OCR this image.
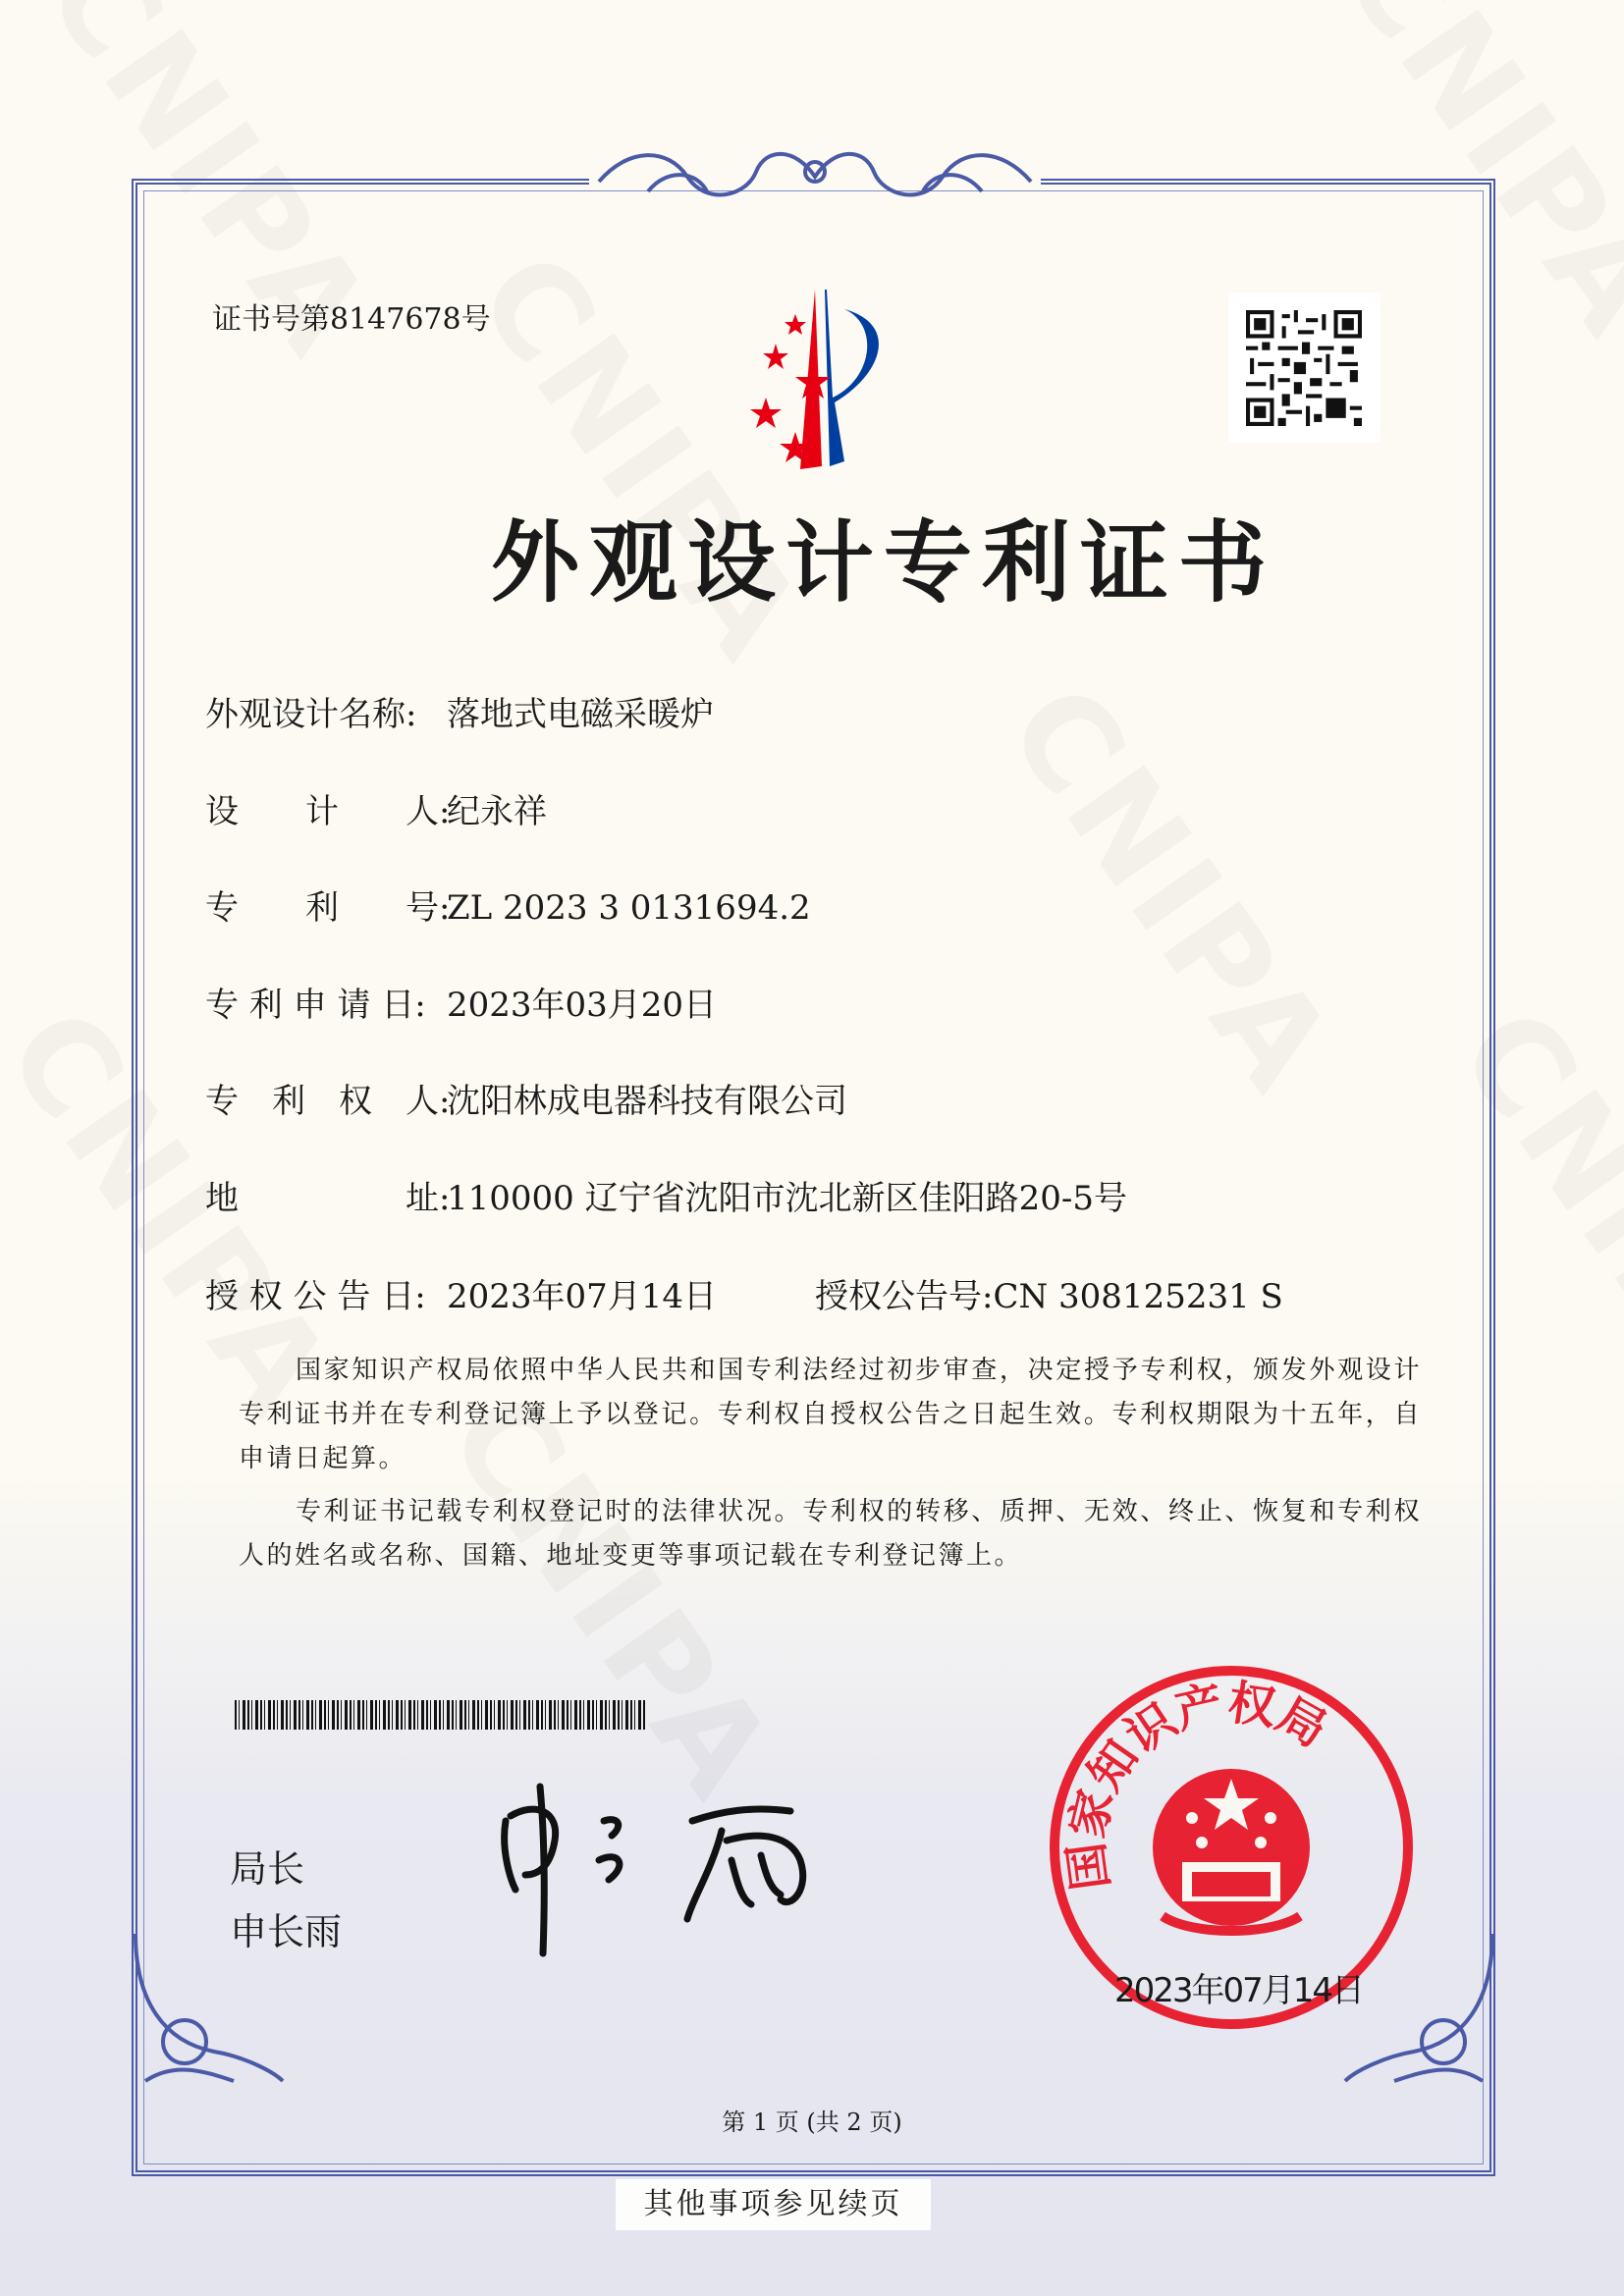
证书号第8147678号
外观设计专利证书
外观设计名称: 落地式电磁采暖炉
设　　计　　人:纪永祥
专　　利　　号:ZL 2023 3 0131694.2
专 利 申 请 日: 2023年03月20日
专　利　权　人:沈阳林成电器科技有限公司
地　　　　　址:110000 辽宁省沈阳市沈北新区佳阳路20-5号
授 权 公 告 日: 2023年07月14日	授权公告号:CN 308125231 S
国家知识产权局依照中华人民共和国专利法经过初步审查，决定授予专利权，颁发外观设计专利证书并在专利登记簿上予以登记。专利权自授权公告之日起生效。专利权期限为十五年，自申请日起算。
专利证书记载专利权登记时的法律状况。专利权的转移、质押、无效、终止、恢复和专利权人的姓名或名称、国籍、地址变更等事项记载在专利登记簿上。
局长
申长雨
国家知识产权局
2023年07月14日
第 1 页 (共 2 页)
其他事项参见续页
